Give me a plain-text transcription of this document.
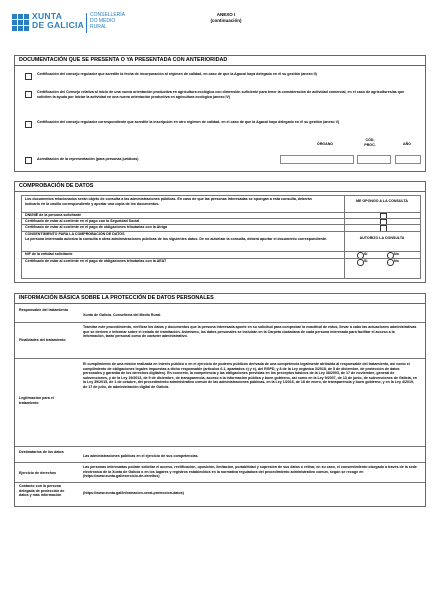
XUNTA
DE GALICIA
CONSELLERÍA
DO MEDIO
RURAL
ANEXO I
(continuación)
DOCUMENTACIÓN QUE SE PRESENTA O YA PRESENTADA CON ANTERIORIDAD
Certificación del consejo regulador que acredite la fecha de incorporación al régimen de calidad, en caso de que la Agacal haya delegado en él su gestión (anexo II)
Certificación del Consejo relativa al inicio de una nueva orientación productiva en agricultura ecológica con dimensión suficiente para tener la consideración de actividad comercial, en el caso de agricultores/as que soliciten la ayuda por iniciar la actividad en una nueva orientación productiva en agricultura ecológica (anexo IV)
Certificación del consejo regulador correspondiente que acredite la inscripción en otro régimen de calidad, en el caso de que la Agacal haya delegado en él su gestión (anexo V)
ÓRGANO
CÓD. PROC.	AÑO
Acreditación de la representación (para personas jurídicas)
COMPROBACIÓN DE DATOS
Los documentos relacionados serán objeto de consulta a las administraciones públicas. En caso de que las personas interesadas se opongan a esta consulta, deberán indicarlo en la casilla correspondiente y aportar una copia de los documentos.
ME OPONGO A LA CONSULTA
DNI/NIE de la persona solicitante
Certificado de estar al corriente en el pago con la Seguridad Social
Certificado de estar al corriente en el pago de obligaciones tributarias con la Atriga
CONSENTIMIENTO PARA LA COMPROBACIÓN DE DATOS
La persona interesada autoriza la consulta a otras administraciones públicas de los siguientes datos. De no autorizar la consulta, deberá aportar el documento correspondiente.	AUTORIZO LA CONSULTA
NIF de la entidad solicitante	Sí	No
Certificado de estar al corriente en el pago de obligaciones tributarias con la AEAT	Sí	No
INFORMACIÓN BÁSICA SOBRE LA PROTECCIÓN DE DATOS PERSONALES
Responsable del tratamiento
Xunta de Galicia. Consellería del Medio Rural.
Finalidades del tratamiento
Tramitar este procedimiento, verificar los datos y documentos que la persona interesada aporte en su solicitud para comprobar la exactitud de estos, llevar a cabo las actuaciones administrativas que se deriven e informar sobre el estado de tramitación. Asimismo, los datos personales se incluirán en la Carpeta ciudadana de cada persona interesada para facilitar el acceso a la información, tanto personal como de carácter administrativo.
Legitimación para el tratamiento
El cumplimiento de una misión realizada en interés público o en el ejercicio de poderes públicos derivada de una competencia legalmente atribuida al responsable del tratamiento, así como el cumplimiento de obligaciones legales impuestas a dicho responsable (artículos 6.1, apartados c) y e), del RGPD, y 8 de la Ley orgánica 3/2018, de 5 de diciembre, de protección de datos personales y garantía de los derechos digitales). En concreto, la competencia y las obligaciones previstas en los preceptos básicos de la Ley 38/2003, de 17 de noviembre, general de subvenciones, y de la Ley 19/2013, de 9 de diciembre, de transparencia, acceso a la información pública y buen gobierno, así como en la Ley 9/2007, de 13 de junio, de subvenciones de Galicia, en la Ley 39/2015, de 1 de octubre, del procedimiento administrativo común de las administraciones públicas, en la Ley 1/2016, de 18 de enero, de transparencia y buen gobierno, y en la Ley 4/2019, de 17 de julio, de administración digital de Galicia.
Destinatarios de los datos
Las administraciones públicas en el ejercicio de sus competencias.
Ejercicio de derechos
Las personas interesadas podrán solicitar el acceso, rectificación, oposición, limitación, portabilidad y supresión de sus datos o retirar, en su caso, el consentimiento otorgado a través de la sede electrónica de la Xunta de Galicia o en los lugares y registros establecidos en la normativa reguladora del procedimiento administrativo común, según se recoge en (https://www.xunta.gal/exercicio-de-dereitos)
Contacto con la persona delegada de protección de datos y más información
(https://www.xunta.gal/informacion-xeral-proteccion-datos)
